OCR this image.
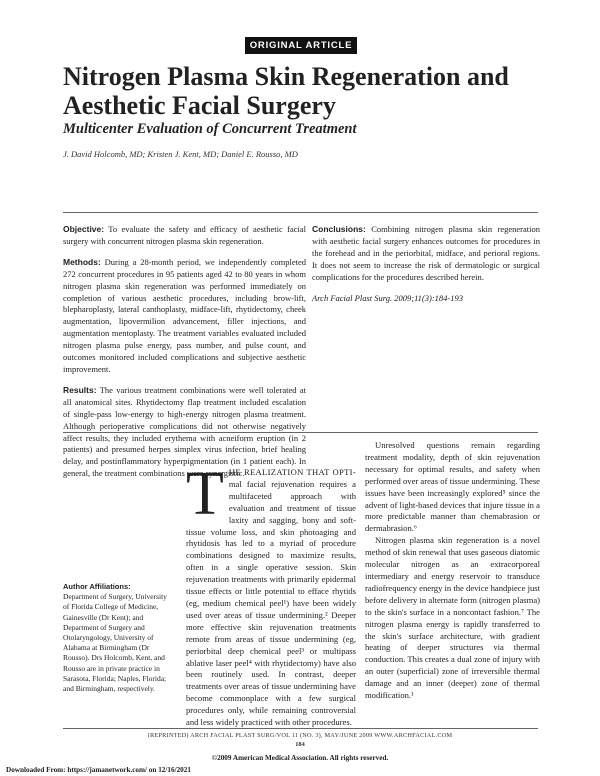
ORIGINAL ARTICLE
Nitrogen Plasma Skin Regeneration and Aesthetic Facial Surgery
Multicenter Evaluation of Concurrent Treatment
J. David Holcomb, MD; Kristen J. Kent, MD; Daniel E. Rousso, MD

Objective: To evaluate the safety and efficacy of aesthetic facial surgery with concurrent nitrogen plasma skin regeneration.

Methods: During a 28-month period, we independently completed 272 concurrent procedures in 95 patients aged 42 to 80 years in whom nitrogen plasma skin regeneration was performed immediately on completion of various aesthetic procedures, including brow-lift, blepharoplasty, lateral canthoplasty, midface-lift, rhytidectomy, cheek augmentation, lipovermilion advancement, filler injections, and augmentation mentoplasty. The treatment variables evaluated included nitrogen plasma pulse energy, pass number, and pulse count, and outcomes monitored included complications and subjective aesthetic improvement.

Results: The various treatment combinations were well tolerated at all anatomical sites. Rhytidectomy flap treatment included escalation of single-pass low-energy to high-energy nitrogen plasma treatment. Although perioperative complications did not otherwise negatively affect results, they included erythema with acneiform eruption (in 2 patients) and presumed herpes simplex virus infection, brief healing delay, and postinflammatory hyperpigmentation (in 1 patient each). In general, the treatment combinations were synergistic.

Conclusions: Combining nitrogen plasma skin regeneration with aesthetic facial surgery enhances outcomes for procedures in the forehead and in the periorbital, midface, and perioral regions. It does not seem to increase the risk of dermatologic or surgical complications for the procedures described herein.

Arch Facial Plast Surg. 2009;11(3):184-193
Author Affiliations:
Department of Surgery, University of Florida College of Medicine, Gainesville (Dr Kent); and Department of Surgery and Otolaryngology, University of Alabama at Birmingham (Dr Rousso). Drs Holcomb, Kent, and Rousso are in private practice in Sarasota, Florida; Naples, Florida; and Birmingham, respectively.

THE REALIZATION THAT OPTI-mal facial rejuvenation requires a multifaceted approach with evaluation and treatment of tissue laxity and sagging, bony and soft-tissue volume loss, and skin photoaging and rhytidosis has led to a myriad of procedure combinations designed to maximize results, often in a single operative session. Skin rejuvenation treatments with primarily epidermal tissue effects or little potential to efface rhytids (eg, medium chemical peel¹) have been widely used over areas of tissue undermining.² Deeper more effective skin rejuvenation treatments remote from areas of tissue undermining (eg, periorbital deep chemical peel³ or multipass ablative laser peel⁴ with rhytidectomy) have also been routinely used. In contrast, deeper treatments over areas of tissue undermining have become commonplace with a few surgical procedures only, while remaining controversial and less widely practiced with other procedures.

Unresolved questions remain regarding treatment modality, depth of skin rejuvenation necessary for optimal results, and safety when performed over areas of tissue undermining. These issues have been increasingly explored⁵ since the advent of light-based devices that injure tissue in a more predictable manner than chemabrasion or dermabrasion.⁶

Nitrogen plasma skin regeneration is a novel method of skin renewal that uses gaseous diatomic molecular nitrogen as an extracorporeal intermediary and energy reservoir to transduce radiofrequency energy in the device handpiece just before delivery in alternate form (nitrogen plasma) to the skin's surface in a noncontact fashion.⁷ The nitrogen plasma energy is rapidly transferred to the skin's surface architecture, with gradient heating of deeper structures via thermal conduction. This creates a dual zone of injury with an outer (superficial) zone of irreversible thermal damage and an inner (deeper) zone of thermal modification.¹

(REPRINTED) ARCH FACIAL PLAST SURG/VOL 11 (NO. 3), MAY/JUNE 2009 WWW.ARCHFACIAL.COM
184
©2009 American Medical Association. All rights reserved.
Downloaded From: https://jamanetwork.com/ on 12/16/2021
